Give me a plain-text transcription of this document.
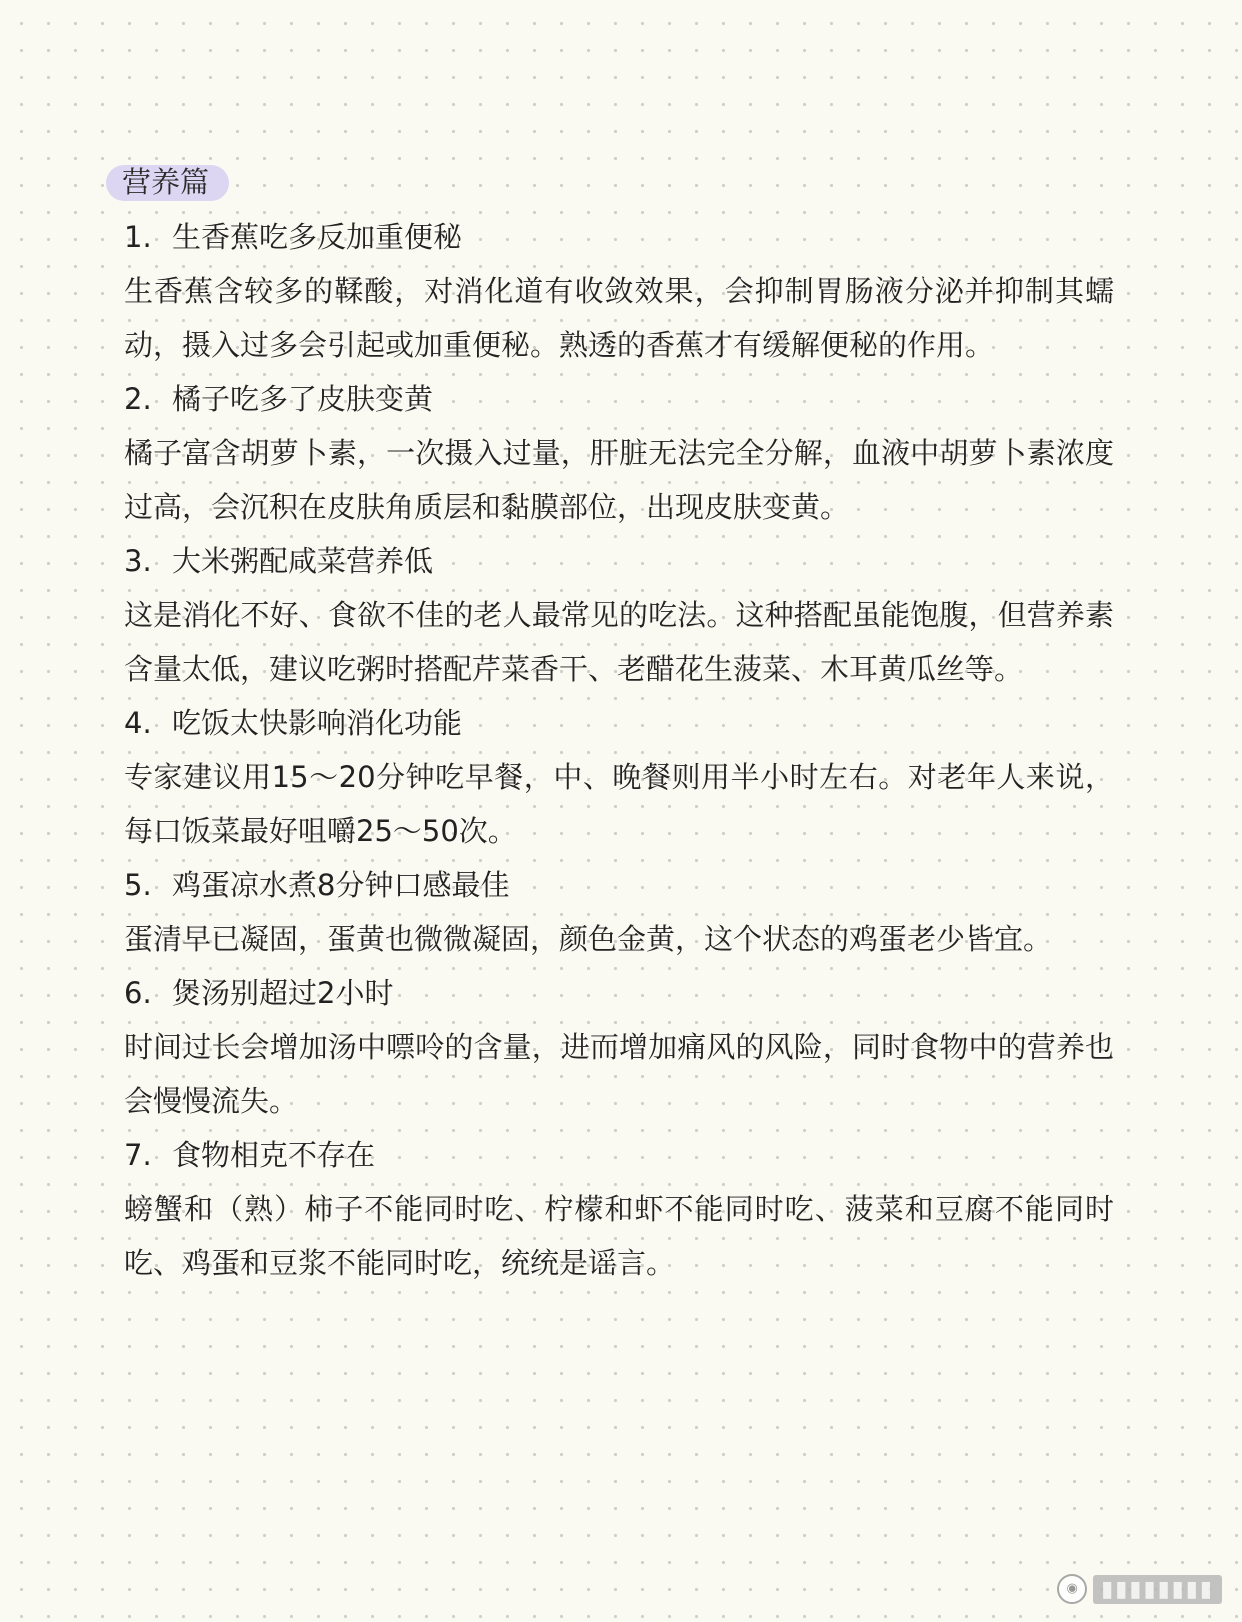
营养篇
1. 生香蕉吃多反加重便秘
生香蕉含较多的鞣酸，对消化道有收敛效果，会抑制胃肠液分泌并抑制其蠕动，摄入过多会引起或加重便秘。熟透的香蕉才有缓解便秘的作用。
2. 橘子吃多了皮肤变黄
橘子富含胡萝卜素，一次摄入过量，肝脏无法完全分解，血液中胡萝卜素浓度过高，会沉积在皮肤角质层和黏膜部位，出现皮肤变黄。
3. 大米粥配咸菜营养低
这是消化不好、食欲不佳的老人最常见的吃法。这种搭配虽能饱腹，但营养素含量太低，建议吃粥时搭配芹菜香干、老醋花生菠菜、木耳黄瓜丝等。
4. 吃饭太快影响消化功能
专家建议用15～20分钟吃早餐，中、晚餐则用半小时左右。对老年人来说，每口饭菜最好咀嚼25～50次。
5. 鸡蛋凉水煮8分钟口感最佳
蛋清早已凝固，蛋黄也微微凝固，颜色金黄，这个状态的鸡蛋老少皆宜。
6. 煲汤别超过2小时
时间过长会增加汤中嘌呤的含量，进而增加痛风的风险，同时食物中的营养也会慢慢流失。
7. 食物相克不存在
螃蟹和（熟）柿子不能同时吃、柠檬和虾不能同时吃、菠菜和豆腐不能同时吃、鸡蛋和豆浆不能同时吃，统统是谣言。
◉	▮▮▮▮▮▮▮▮
